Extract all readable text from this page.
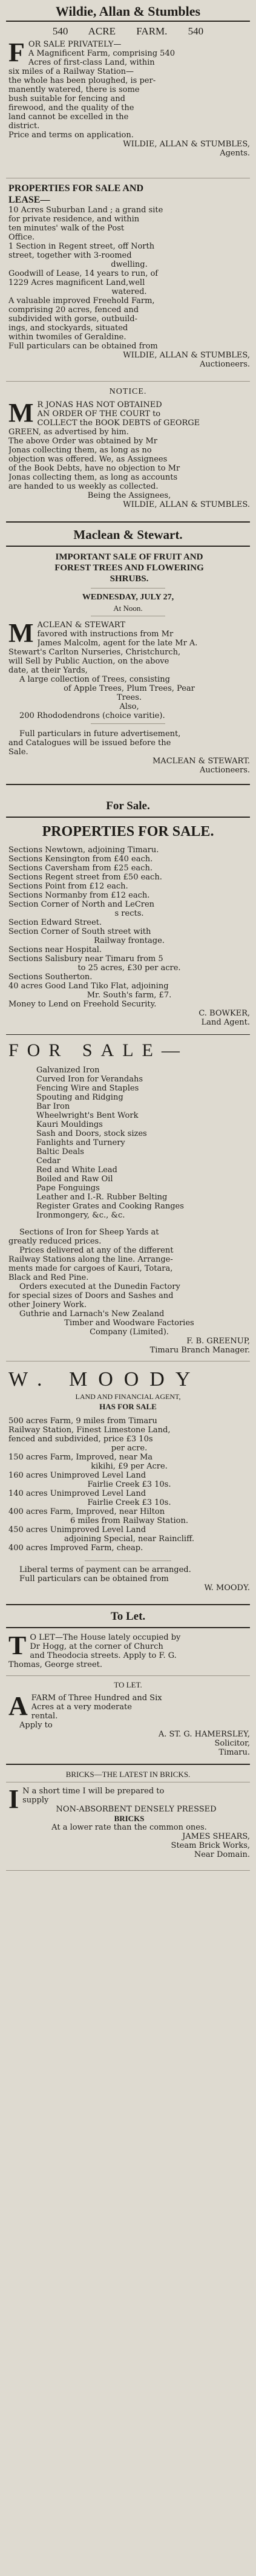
Wildie, Allan & Stumbles
540 ACRE FARM. 540
F OR SALE PRIVATELY—

A Magnificent Farm, comprising 540

Acres of first-class Land, within

six miles of a Railway Station—

the whole has been ploughed, is per-

manently watered, there is some

bush suitable for fencing and

firewood, and the quality of the

land cannot be excelled in the

district.

Price and terms on application.

WILDIE, ALLAN & STUMBLES,

Agents.

PROPERTIES FOR SALE AND

LEASE—

10 Acres Suburban Land ; a grand site

for private residence, and within

ten minutes' walk of the Post

Office.

1 Section in Regent street, off North

street, together with 3-roomed

dwelling.

Goodwill of Lease, 14 years to run, of

1229 Acres magnificent Land,well

watered.

A valuable improved Freehold Farm,

comprising 20 acres, fenced and

subdivided with gorse, outbuild-

ings, and stockyards, situated

within twomiles of Geraldine.

Full particulars can be obtained from

WILDIE, ALLAN & STUMBLES,

Auctioneers.

NOTICE.
M R JONAS HAS NOT OBTAINED

AN ORDER OF THE COURT to

COLLECT the BOOK DEBTS of GEORGE

GREEN, as advertised by him.

The above Order was obtained by Mr

Jonas collecting them, as long as no

objection was offered. We, as Assignees

of the Book Debts, have no objection to Mr

Jonas collecting them, as long as accounts

are handed to us weekly as collected.

Being the Assignees,

WILDIE, ALLAN & STUMBLES.

Maclean & Stewart.

IMPORTANT SALE OF FRUIT AND

FOREST TREES AND FLOWERING

SHRUBS.

WEDNESDAY, JULY 27,
At Noon.
M ACLEAN & STEWART

favored with instructions from Mr

James Malcolm, agent for the late Mr A.

Stewart's Carlton Nurseries, Christchurch,

will Sell by Public Auction, on the above

date, at their Yards,

A large collection of Trees, consisting

of Apple Trees, Plum Trees, Pear

Trees.

Also,

200 Rhododendrons (choice varitie).

Full particulars in future advertisement,

and Catalogues will be issued before the

Sale.

MACLEAN & STEWART.

Auctioneers.

For Sale.
PROPERTIES FOR SALE.

Sections Newtown, adjoining Timaru.

Sections Kensington from £40 each.

Sections Caversham from £25 each.

Sections Regent street from £50 each.

Sections Point from £12 each.

Sections Normanby from £12 each.

Section Corner of North and LeCren

s rects.

Section Edward Street.

Section Corner of South street with

Railway frontage.

Sections near Hospital.

Sections Salisbury near Timaru from 5

to 25 acres, £30 per acre.

Sections Southerton.

40 acres Good Land Tiko Flat, adjoining

Mr. South's farm, £7.

Money to Lend on Freehold Security.

C. BOWKER,

Land Agent.

FOR SALE—

Galvanized Iron

Curved Iron for Verandahs

Fencing Wire and Staples

Spouting and Ridging

Bar Iron

Wheelwright's Bent Work

Kauri Mouldings

Sash and Doors, stock sizes

Fanlights and Turnery

Baltic Deals

Cedar

Red and White Lead

Boiled and Raw Oil

Pape Fonguings

Leather and I.-R. Rubber Belting

Register Grates and Cooking Ranges

Ironmongery, &c., &c.

Sections of Iron for Sheep Yards at

greatly reduced prices.

Prices delivered at any of the different

Railway Stations along the line. Arrange-

ments made for cargoes of Kauri, Totara,

Black and Red Pine.

Orders executed at the Dunedin Factory

for special sizes of Doors and Sashes and

other Joinery Work.

Guthrie and Larnach's New Zealand

Timber and Woodware Factories

Company (Limited).

F. B. GREENUP,

Timaru Branch Manager.

W. MOODY
LAND AND FINANCIAL AGENT,
HAS FOR SALE

500 acres Farm, 9 miles from Timaru

Railway Station, Finest Limestone Land,

fenced and subdivided, price £3 10s

per acre.

150 acres Farm, Improved, near Ma

kikihi, £9 per Acre.

160 acres Unimproved Level Land

Fairlie Creek £3 10s.

140 acres Unimproved Level Land

Fairlie Creek £3 10s.

400 acres Farm, Improved, near Hilton

6 miles from Railway Station.

450 acres Unimproved Level Land

adjoining Special, near Raincliff.

400 acres Improved Farm, cheap.

Liberal terms of payment can be arranged.

Full particulars can be obtained from

W. MOODY.

To Let.
T O LET—The House lately occupied by

Dr Hogg, at the corner of Church

and Theodocia streets. Apply to F. G.

Thomas, George street.

TO LET.
A FARM of Three Hundred and Six

Acres at a very moderate

rental.

Apply to

A. ST. G. HAMERSLEY,

Solicitor,

Timaru.

BRICKS—THE LATEST IN BRICKS.
I N a short time I will be prepared to

supply

NON-ABSORBENT DENSELY PRESSED

BRICKS

At a lower rate than the common ones.

JAMES SHEARS,

Steam Brick Works,

Near Domain.
